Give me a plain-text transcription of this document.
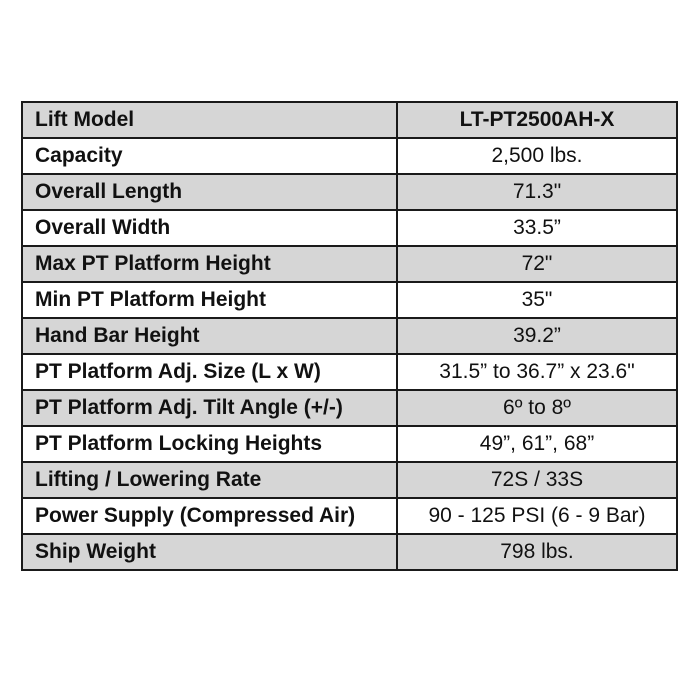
Lift Model	LT-PT2500AH-X
Capacity	2,500 lbs.
Overall Length	71.3"
Overall Width	33.5”
Max PT Platform Height	72"
Min PT Platform Height	35"
Hand Bar Height	39.2”
PT Platform Adj. Size (L x W)	31.5” to 36.7” x 23.6"
PT Platform Adj. Tilt Angle (+/-)	6º to 8º
PT Platform Locking Heights	49”, 61”, 68”
Lifting / Lowering Rate	72S / 33S
Power Supply (Compressed Air)	90 - 125 PSI (6 - 9 Bar)
Ship Weight	798 lbs.
